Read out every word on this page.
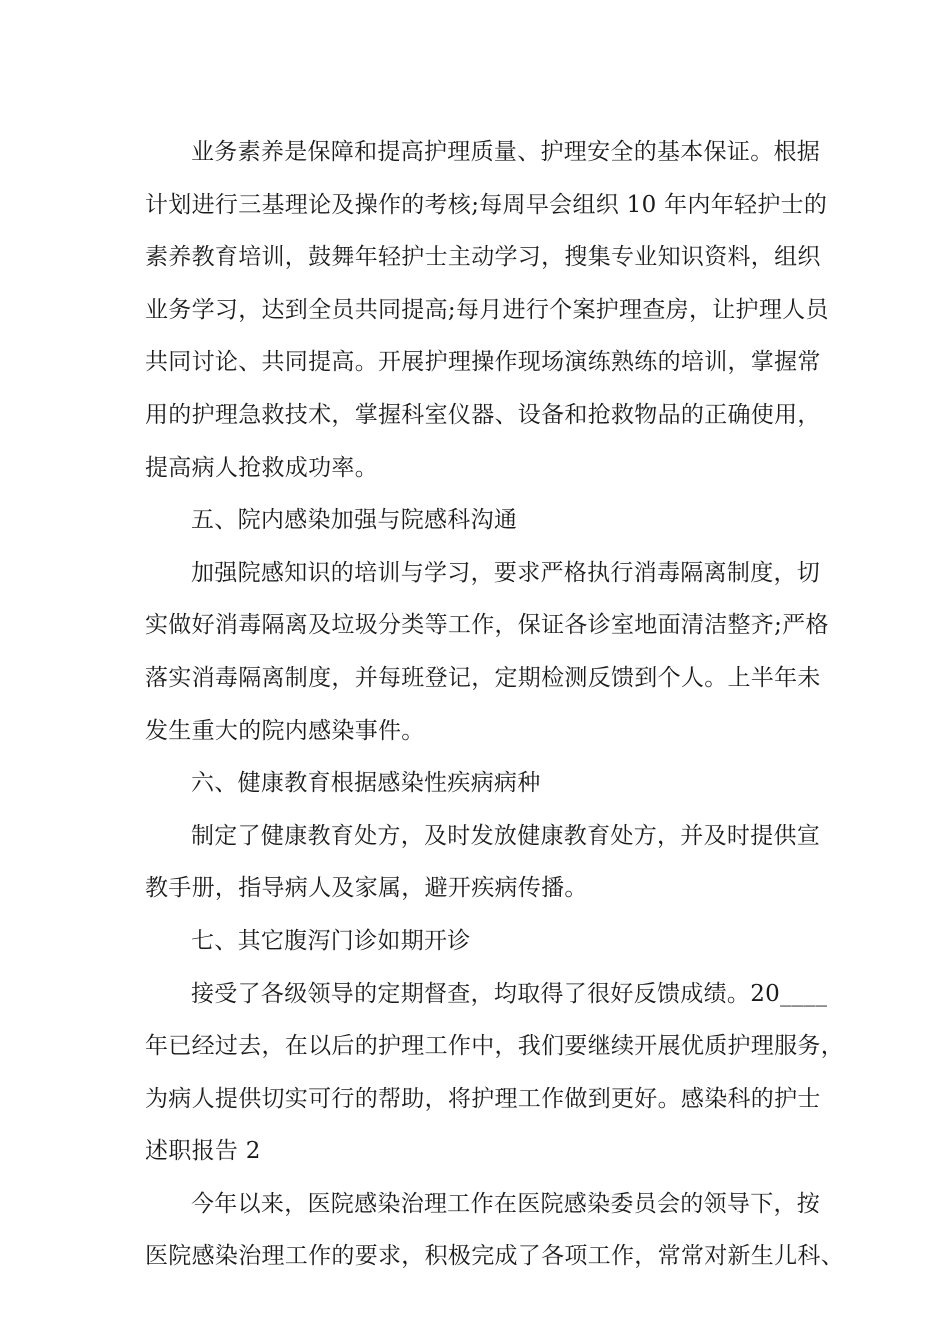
业务素养是保障和提高护理质量、护理安全的基本保证。根据
计划进行三基理论及操作的考核;每周早会组织 10 年内年轻护士的
素养教育培训，鼓舞年轻护士主动学习，搜集专业知识资料，组织
业务学习，达到全员共同提高;每月进行个案护理查房，让护理人员
共同讨论、共同提高。开展护理操作现场演练熟练的培训，掌握常
用的护理急救技术，掌握科室仪器、设备和抢救物品的正确使用，
提高病人抢救成功率。
五、院内感染加强与院感科沟通
加强院感知识的培训与学习，要求严格执行消毒隔离制度，切
实做好消毒隔离及垃圾分类等工作，保证各诊室地面清洁整齐;严格
落实消毒隔离制度，并每班登记，定期检测反馈到个人。上半年未
发生重大的院内感染事件。
六、健康教育根据感染性疾病病种
制定了健康教育处方，及时发放健康教育处方，并及时提供宣
教手册，指导病人及家属，避开疾病传播。
七、其它腹泻门诊如期开诊
接受了各级领导的定期督查，均取得了很好反馈成绩。20____
年已经过去，在以后的护理工作中，我们要继续开展优质护理服务，
为病人提供切实可行的帮助，将护理工作做到更好。感染科的护士
述职报告 2
今年以来，医院感染治理工作在医院感染委员会的领导下，按
医院感染治理工作的要求，积极完成了各项工作，常常对新生儿科、
